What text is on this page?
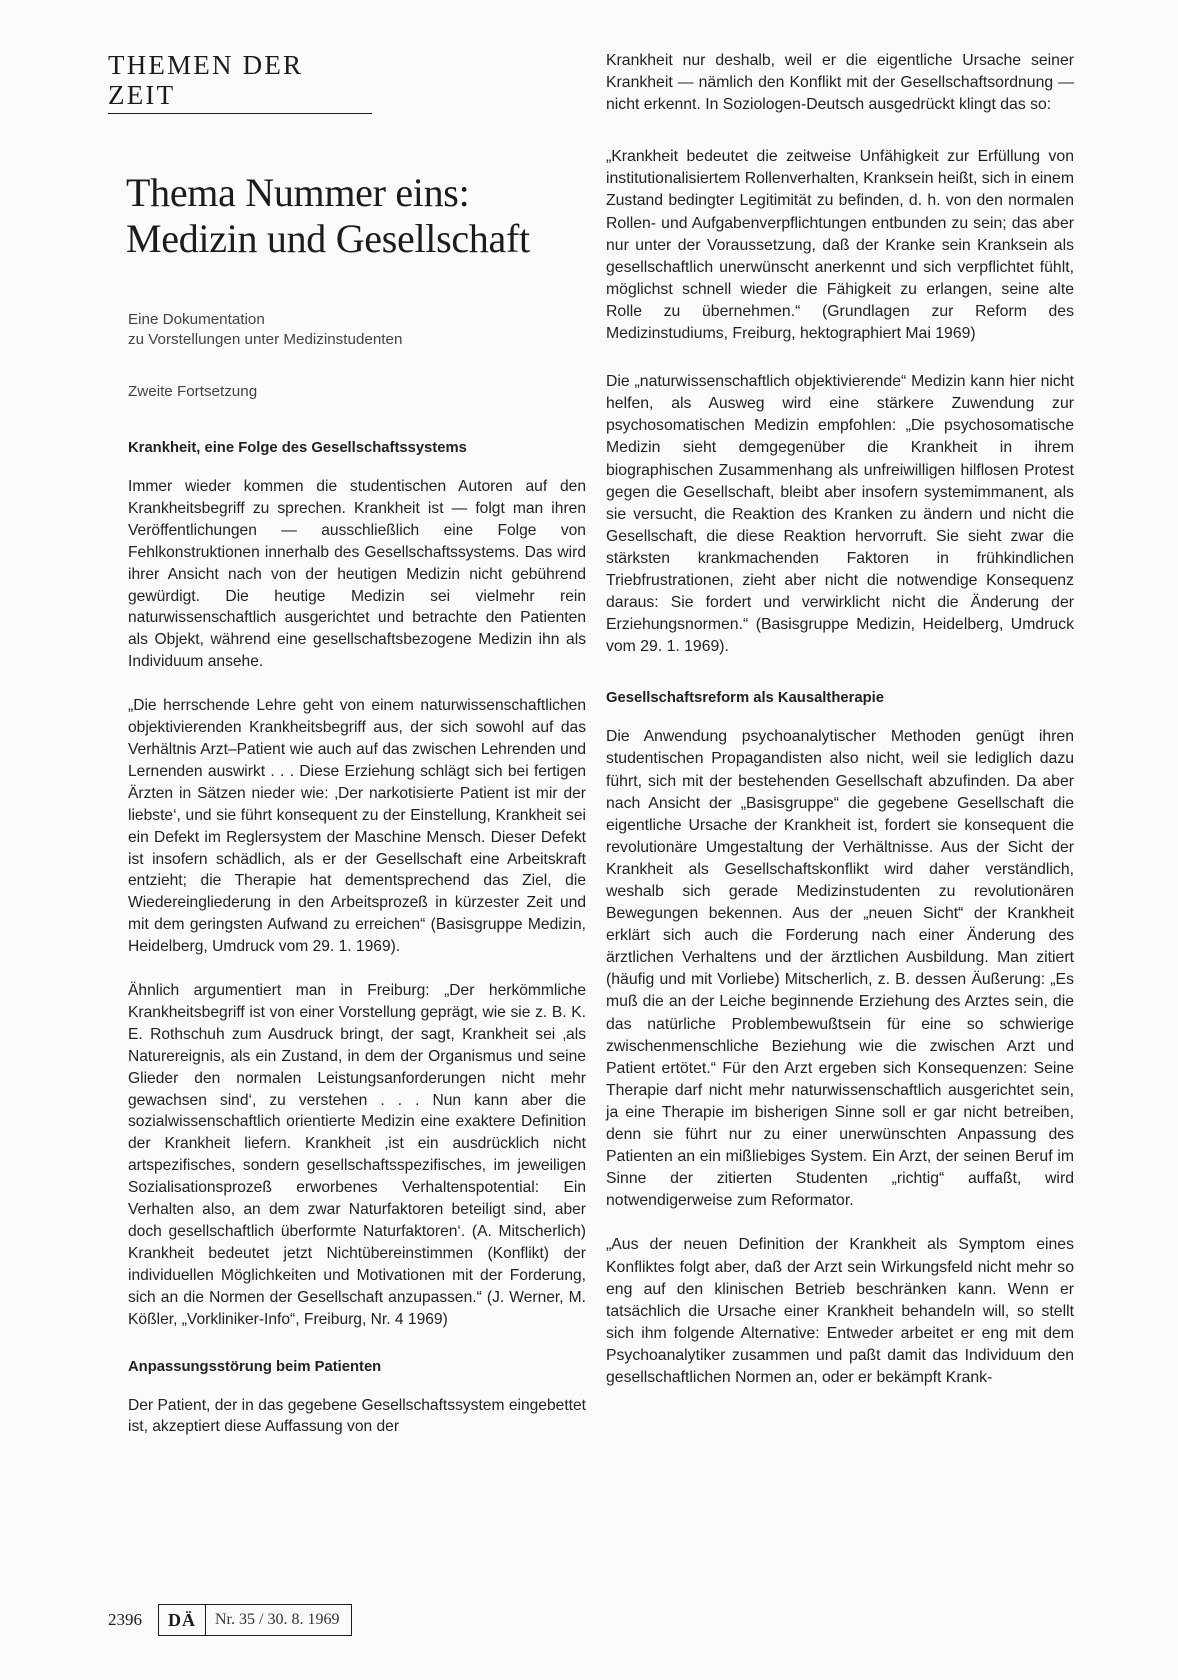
THEMEN DER ZEIT
Thema Nummer eins:
Medizin und Gesellschaft

Eine Dokumentation
zu Vorstellungen unter Medizinstudenten

Zweite Fortsetzung

Krankheit, eine Folge des Gesellschaftssystems

Immer wieder kommen die studentischen Autoren auf den Krankheitsbegriff zu sprechen. Krankheit ist — folgt man ihren Veröffentlichungen — ausschließlich eine Folge von Fehlkonstruktionen innerhalb des Gesellschaftssystems. Das wird ihrer Ansicht nach von der heutigen Medizin nicht gebührend gewürdigt. Die heutige Medizin sei vielmehr rein naturwissenschaftlich ausgerichtet und betrachte den Patienten als Objekt, während eine gesellschaftsbezogene Medizin ihn als Individuum ansehe.

„Die herrschende Lehre geht von einem naturwissenschaftlichen objektivierenden Krankheitsbegriff aus, der sich sowohl auf das Verhältnis Arzt–Patient wie auch auf das zwischen Lehrenden und Lernenden auswirkt . . . Diese Erziehung schlägt sich bei fertigen Ärzten in Sätzen nieder wie: ‚Der narkotisierte Patient ist mir der liebste‘, und sie führt konsequent zu der Einstellung, Krankheit sei ein Defekt im Reglersystem der Maschine Mensch. Dieser Defekt ist insofern schädlich, als er der Gesellschaft eine Arbeitskraft entzieht; die Therapie hat dementsprechend das Ziel, die Wiedereingliederung in den Arbeitsprozeß in kürzester Zeit und mit dem geringsten Aufwand zu erreichen“ (Basisgruppe Medizin, Heidelberg, Umdruck vom 29. 1. 1969).

Ähnlich argumentiert man in Freiburg: „Der herkömmliche Krankheitsbegriff ist von einer Vorstellung geprägt, wie sie z. B. K. E. Rothschuh zum Ausdruck bringt, der sagt, Krankheit sei ‚als Naturereignis, als ein Zustand, in dem der Organismus und seine Glieder den normalen Leistungsanforderungen nicht mehr gewachsen sind‘, zu verstehen . . . Nun kann aber die sozialwissenschaftlich orientierte Medizin eine exaktere Definition der Krankheit liefern. Krankheit ‚ist ein ausdrücklich nicht artspezifisches, sondern gesellschaftsspezifisches, im jeweiligen Sozialisationsprozeß erworbenes Verhaltenspotential: Ein Verhalten also, an dem zwar Naturfaktoren beteiligt sind, aber doch gesellschaftlich überformte Naturfaktoren‘. (A. Mitscherlich) Krankheit bedeutet jetzt Nichtübereinstimmen (Konflikt) der individuellen Möglichkeiten und Motivationen mit der Forderung, sich an die Normen der Gesellschaft anzupassen.“ (J. Werner, M. Kößler, „Vorkliniker-Info“, Freiburg, Nr. 4 1969)

Anpassungsstörung beim Patienten

Der Patient, der in das gegebene Gesellschaftssystem eingebettet ist, akzeptiert diese Auffassung von der

Krankheit nur deshalb, weil er die eigentliche Ursache seiner Krankheit — nämlich den Konflikt mit der Gesellschaftsordnung — nicht erkennt. In Soziologen-Deutsch ausgedrückt klingt das so:

„Krankheit bedeutet die zeitweise Unfähigkeit zur Erfüllung von institutionalisiertem Rollenverhalten, Kranksein heißt, sich in einem Zustand bedingter Legitimität zu befinden, d. h. von den normalen Rollen- und Aufgabenverpflichtungen entbunden zu sein; das aber nur unter der Voraussetzung, daß der Kranke sein Kranksein als gesellschaftlich unerwünscht anerkennt und sich verpflichtet fühlt, möglichst schnell wieder die Fähigkeit zu erlangen, seine alte Rolle zu übernehmen.“ (Grundlagen zur Reform des Medizinstudiums, Freiburg, hektographiert Mai 1969)

Die „naturwissenschaftlich objektivierende“ Medizin kann hier nicht helfen, als Ausweg wird eine stärkere Zuwendung zur psychosomatischen Medizin empfohlen: „Die psychosomatische Medizin sieht demgegenüber die Krankheit in ihrem biographischen Zusammenhang als unfreiwilligen hilflosen Protest gegen die Gesellschaft, bleibt aber insofern systemimmanent, als sie versucht, die Reaktion des Kranken zu ändern und nicht die Gesellschaft, die diese Reaktion hervorruft. Sie sieht zwar die stärksten krankmachenden Faktoren in frühkindlichen Triebfrustrationen, zieht aber nicht die notwendige Konsequenz daraus: Sie fordert und verwirklicht nicht die Änderung der Erziehungsnormen.“ (Basisgruppe Medizin, Heidelberg, Umdruck vom 29. 1. 1969).

Gesellschaftsreform als Kausaltherapie

Die Anwendung psychoanalytischer Methoden genügt ihren studentischen Propagandisten also nicht, weil sie lediglich dazu führt, sich mit der bestehenden Gesellschaft abzufinden. Da aber nach Ansicht der „Basisgruppe“ die gegebene Gesellschaft die eigentliche Ursache der Krankheit ist, fordert sie konsequent die revolutionäre Umgestaltung der Verhältnisse. Aus der Sicht der Krankheit als Gesellschaftskonflikt wird daher verständlich, weshalb sich gerade Medizinstudenten zu revolutionären Bewegungen bekennen. Aus der „neuen Sicht“ der Krankheit erklärt sich auch die Forderung nach einer Änderung des ärztlichen Verhaltens und der ärztlichen Ausbildung. Man zitiert (häufig und mit Vorliebe) Mitscherlich, z. B. dessen Äußerung: „Es muß die an der Leiche beginnende Erziehung des Arztes sein, die das natürliche Problembewußtsein für eine so schwierige zwischenmenschliche Beziehung wie die zwischen Arzt und Patient ertötet.“ Für den Arzt ergeben sich Konsequenzen: Seine Therapie darf nicht mehr naturwissenschaftlich ausgerichtet sein, ja eine Therapie im bisherigen Sinne soll er gar nicht betreiben, denn sie führt nur zu einer unerwünschten Anpassung des Patienten an ein mißliebiges System. Ein Arzt, der seinen Beruf im Sinne der zitierten Studenten „richtig“ auffaßt, wird notwendigerweise zum Reformator.

„Aus der neuen Definition der Krankheit als Symptom eines Konfliktes folgt aber, daß der Arzt sein Wirkungsfeld nicht mehr so eng auf den klinischen Betrieb beschränken kann. Wenn er tatsächlich die Ursache einer Krankheit behandeln will, so stellt sich ihm folgende Alternative: Entweder arbeitet er eng mit dem Psychoanalytiker zusammen und paßt damit das Individuum den gesellschaftlichen Normen an, oder er bekämpft Krank-

2396	DÄ	Nr. 35 / 30. 8. 1969
